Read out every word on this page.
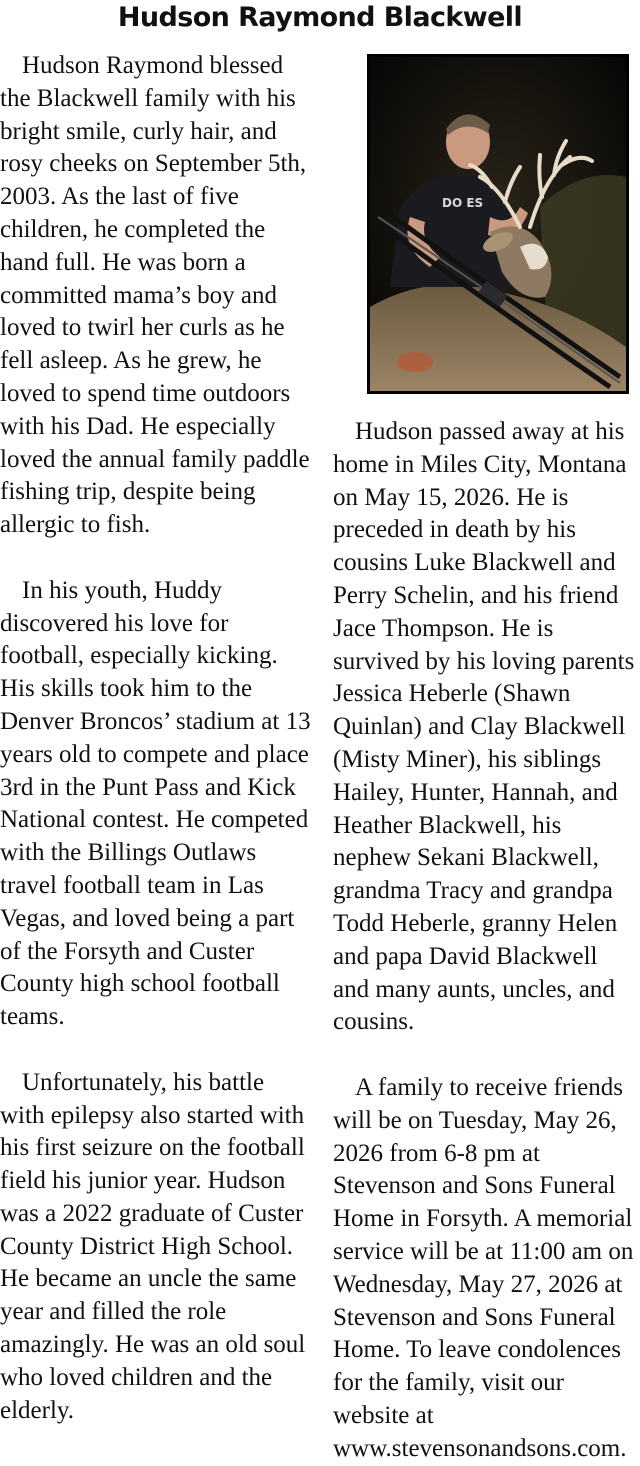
Hudson Raymond Blackwell

Hudson Raymond blessed the Blackwell family with his bright smile, curly hair, and rosy cheeks on September 5th, 2003. As the last of five children, he completed the hand full. He was born a committed mama’s boy and loved to twirl her curls as he fell asleep. As he grew, he loved to spend time outdoors with his Dad. He especially loved the annual family paddle fishing trip, despite being allergic to fish.

In his youth, Huddy discovered his love for football, especially kicking. His skills took him to the Denver Broncos’ stadium at 13 years old to compete and place 3rd in the Punt Pass and Kick National contest. He competed with the Billings Outlaws travel football team in Las Vegas, and loved being a part of the Forsyth and Custer County high school football teams.

Unfortunately, his battle with epilepsy also started with his first seizure on the football field his junior year. Hudson was a 2022 graduate of Custer County District High School. He became an uncle the same year and filled the role amazingly. He was an old soul who loved children and the elderly.

DO ES

Hudson passed away at his home in Miles City, Montana on May 15, 2026. He is preceded in death by his cousins Luke Blackwell and Perry Schelin, and his friend Jace Thompson. He is survived by his loving parents Jessica Heberle (Shawn Quinlan) and Clay Blackwell (Misty Miner), his siblings Hailey, Hunter, Hannah, and Heather Blackwell, his nephew Sekani Blackwell, grandma Tracy and grandpa Todd Heberle, granny Helen and papa David Blackwell and many aunts, uncles, and cousins.

A family to receive friends will be on Tuesday, May 26, 2026 from 6-8 pm at Stevenson and Sons Funeral Home in Forsyth. A memorial service will be at 11:00 am on Wednesday, May 27, 2026 at Stevenson and Sons Funeral Home. To leave condolences for the family, visit our website at www.stevensonandsons.com.
